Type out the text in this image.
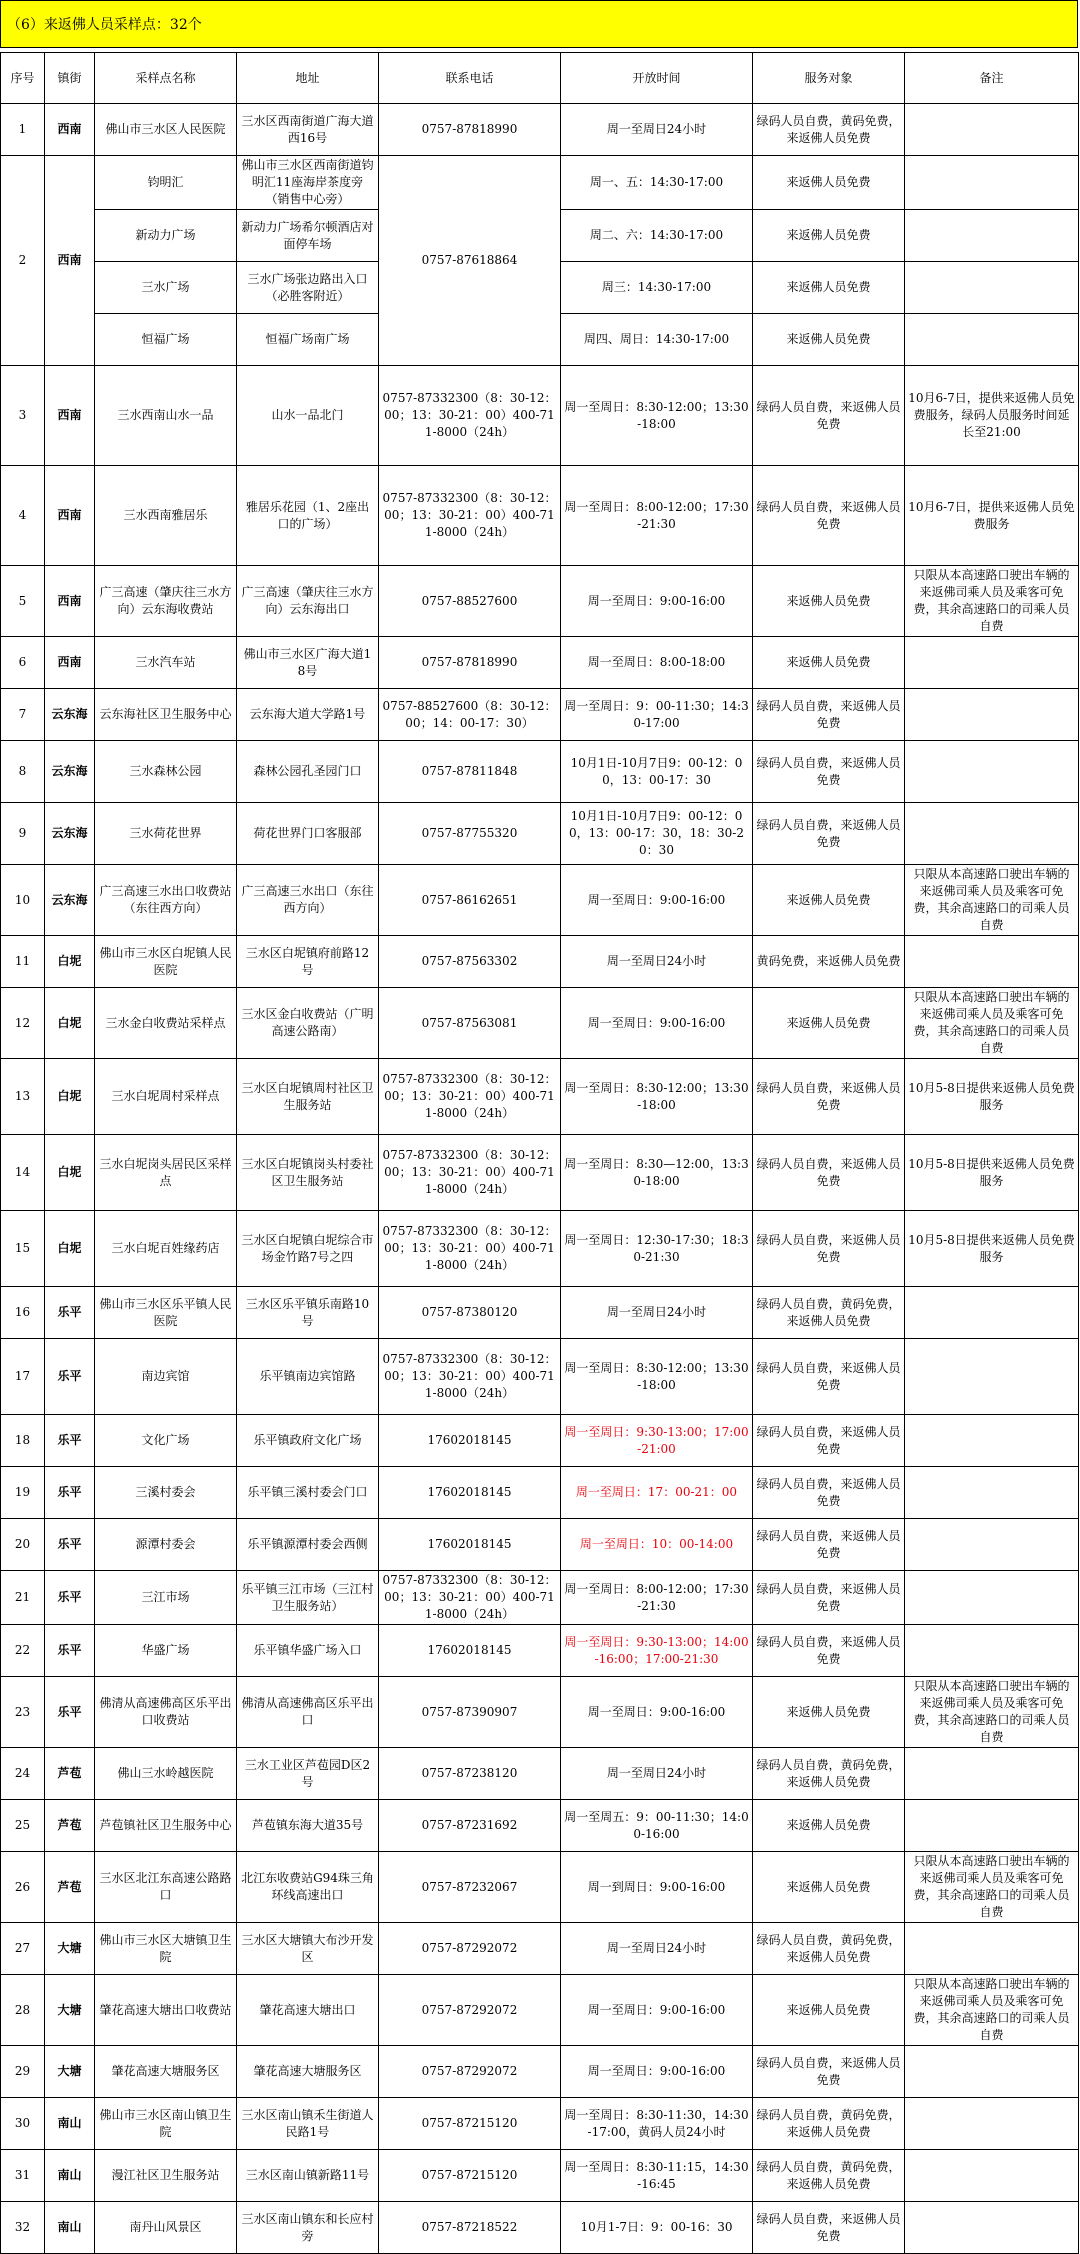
（6）来返佛人员采样点：32个
序号	镇街	采样点名称	地址	联系电话	开放时间	服务对象	备注
1	西南	佛山市三水区人民医院	三水区西南街道广海大道西16号	0757-87818990	周一至周日24小时	绿码人员自费，黄码免费，来返佛人员免费	
2	西南	钧明汇	佛山市三水区西南街道钧明汇11座海岸茶度旁（销售中心旁）	0757-87618864	周一、五：14:30-17:00	来返佛人员免费	
		新动力广场	新动力广场希尔顿酒店对面停车场		周二、六：14:30-17:00	来返佛人员免费	
		三水广场	三水广场张边路出入口（必胜客附近）		周三：14:30-17:00	来返佛人员免费	
		恒福广场	恒福广场南广场		周四、周日：14:30-17:00	来返佛人员免费	
3	西南	三水西南山水一品	山水一品北门	0757-87332300（8：30-12：00；13：30-21：00）400-711-8000（24h）	周一至周日：8:30-12:00；13:30-18:00	绿码人员自费，来返佛人员免费	10月6-7日，提供来返佛人员免费服务，绿码人员服务时间延长至21:00
4	西南	三水西南雅居乐	雅居乐花园（1、2座出口的广场）	0757-87332300（8：30-12：00；13：30-21：00）400-711-8000（24h）	周一至周日：8:00-12:00；17:30-21:30	绿码人员自费，来返佛人员免费	10月6-7日，提供来返佛人员免费服务
5	西南	广三高速（肇庆往三水方向）云东海收费站	广三高速（肇庆往三水方向）云东海出口	0757-88527600	周一至周日：9:00-16:00	来返佛人员免费	只限从本高速路口驶出车辆的来返佛司乘人员及乘客可免费，其余高速路口的司乘人员自费
6	西南	三水汽车站	佛山市三水区广海大道18号	0757-87818990	周一至周日：8:00-18:00	来返佛人员免费	
7	云东海	云东海社区卫生服务中心	云东海大道大学路1号	0757-88527600（8：30-12：00；14：00-17：30）	周一至周日：9：00-11:30；14:30-17:00	绿码人员自费，来返佛人员免费	
8	云东海	三水森林公园	森林公园孔圣园门口	0757-87811848	10月1日-10月7日9：00-12：00，13：00-17：30	绿码人员自费，来返佛人员免费	
9	云东海	三水荷花世界	荷花世界门口客服部	0757-87755320	10月1日-10月7日9：00-12：00，13：00-17：30，18：30-20：30	绿码人员自费，来返佛人员免费	
10	云东海	广三高速三水出口收费站（东往西方向）	广三高速三水出口（东往西方向）	0757-86162651	周一至周日：9:00-16:00	来返佛人员免费	只限从本高速路口驶出车辆的来返佛司乘人员及乘客可免费，其余高速路口的司乘人员自费
11	白坭	佛山市三水区白坭镇人民医院	三水区白坭镇府前路12号	0757-87563302	周一至周日24小时	黄码免费，来返佛人员免费	
12	白坭	三水金白收费站采样点	三水区金白收费站（广明高速公路南）	0757-87563081	周一至周日：9:00-16:00	来返佛人员免费	只限从本高速路口驶出车辆的来返佛司乘人员及乘客可免费，其余高速路口的司乘人员自费
13	白坭	三水白坭周村采样点	三水区白坭镇周村社区卫生服务站	0757-87332300（8：30-12：00；13：30-21：00）400-711-8000（24h）	周一至周日：8:30-12:00；13:30-18:00	绿码人员自费，来返佛人员免费	10月5-8日提供来返佛人员免费服务
14	白坭	三水白坭岗头居民区采样点	三水区白坭镇岗头村委社区卫生服务站	0757-87332300（8：30-12：00；13：30-21：00）400-711-8000（24h）	周一至周日：8:30—12:00，13:30-18:00	绿码人员自费，来返佛人员免费	10月5-8日提供来返佛人员免费服务
15	白坭	三水白坭百姓缘药店	三水区白坭镇白坭综合市场金竹路7号之四	0757-87332300（8：30-12：00；13：30-21：00）400-711-8000（24h）	周一至周日：12:30-17:30；18:30-21:30	绿码人员自费，来返佛人员免费	10月5-8日提供来返佛人员免费服务
16	乐平	佛山市三水区乐平镇人民医院	三水区乐平镇乐南路10号	0757-87380120	周一至周日24小时	绿码人员自费，黄码免费，来返佛人员免费	
17	乐平	南边宾馆	乐平镇南边宾馆路	0757-87332300（8：30-12：00；13：30-21：00）400-711-8000（24h）	周一至周日：8:30-12:00；13:30-18:00	绿码人员自费，来返佛人员免费	
18	乐平	文化广场	乐平镇政府文化广场	17602018145	周一至周日：9:30-13:00；17:00-21:00	绿码人员自费，来返佛人员免费	
19	乐平	三溪村委会	乐平镇三溪村委会门口	17602018145	周一至周日：17：00-21：00	绿码人员自费，来返佛人员免费	
20	乐平	源潭村委会	乐平镇源潭村委会西侧	17602018145	周一至周日：10：00-14:00	绿码人员自费，来返佛人员免费	
21	乐平	三江市场	乐平镇三江市场（三江村卫生服务站）	0757-87332300（8：30-12：00；13：30-21：00）400-711-8000（24h）	周一至周日：8:00-12:00；17:30-21:30	绿码人员自费，来返佛人员免费	
22	乐平	华盛广场	乐平镇华盛广场入口	17602018145	周一至周日：9:30-13:00；14:00-16:00；17:00-21:30	绿码人员自费，来返佛人员免费	
23	乐平	佛清从高速佛高区乐平出口收费站	佛清从高速佛高区乐平出口	0757-87390907	周一至周日：9:00-16:00	来返佛人员免费	只限从本高速路口驶出车辆的来返佛司乘人员及乘客可免费，其余高速路口的司乘人员自费
24	芦苞	佛山三水岭越医院	三水工业区芦苞园D区2号	0757-87238120	周一至周日24小时	绿码人员自费，黄码免费，来返佛人员免费	
25	芦苞	芦苞镇社区卫生服务中心	芦苞镇东海大道35号	0757-87231692	周一至周五：9：00-11:30；14:00-16:00	来返佛人员免费	
26	芦苞	三水区北江东高速公路路口	北江东收费站G94珠三角环线高速出口	0757-87232067	周一到周日：9:00-16:00	来返佛人员免费	只限从本高速路口驶出车辆的来返佛司乘人员及乘客可免费，其余高速路口的司乘人员自费
27	大塘	佛山市三水区大塘镇卫生院	三水区大塘镇大布沙开发区	0757-87292072	周一至周日24小时	绿码人员自费，黄码免费，来返佛人员免费	
28	大塘	肇花高速大塘出口收费站	肇花高速大塘出口	0757-87292072	周一至周日：9:00-16:00	来返佛人员免费	只限从本高速路口驶出车辆的来返佛司乘人员及乘客可免费，其余高速路口的司乘人员自费
29	大塘	肇花高速大塘服务区	肇花高速大塘服务区	0757-87292072	周一至周日：9:00-16:00	绿码人员自费，来返佛人员免费	
30	南山	佛山市三水区南山镇卫生院	三水区南山镇禾生街道人民路1号	0757-87215120	周一至周日：8:30-11:30，14:30-17:00，黄码人员24小时	绿码人员自费，黄码免费，来返佛人员免费	
31	南山	漫江社区卫生服务站	三水区南山镇新路11号	0757-87215120	周一至周日：8:30-11:15，14:30-16:45	绿码人员自费，黄码免费，来返佛人员免费	
32	南山	南丹山风景区	三水区南山镇东和长应村旁	0757-87218522	10月1-7日：9：00-16：30	绿码人员自费，来返佛人员免费	
